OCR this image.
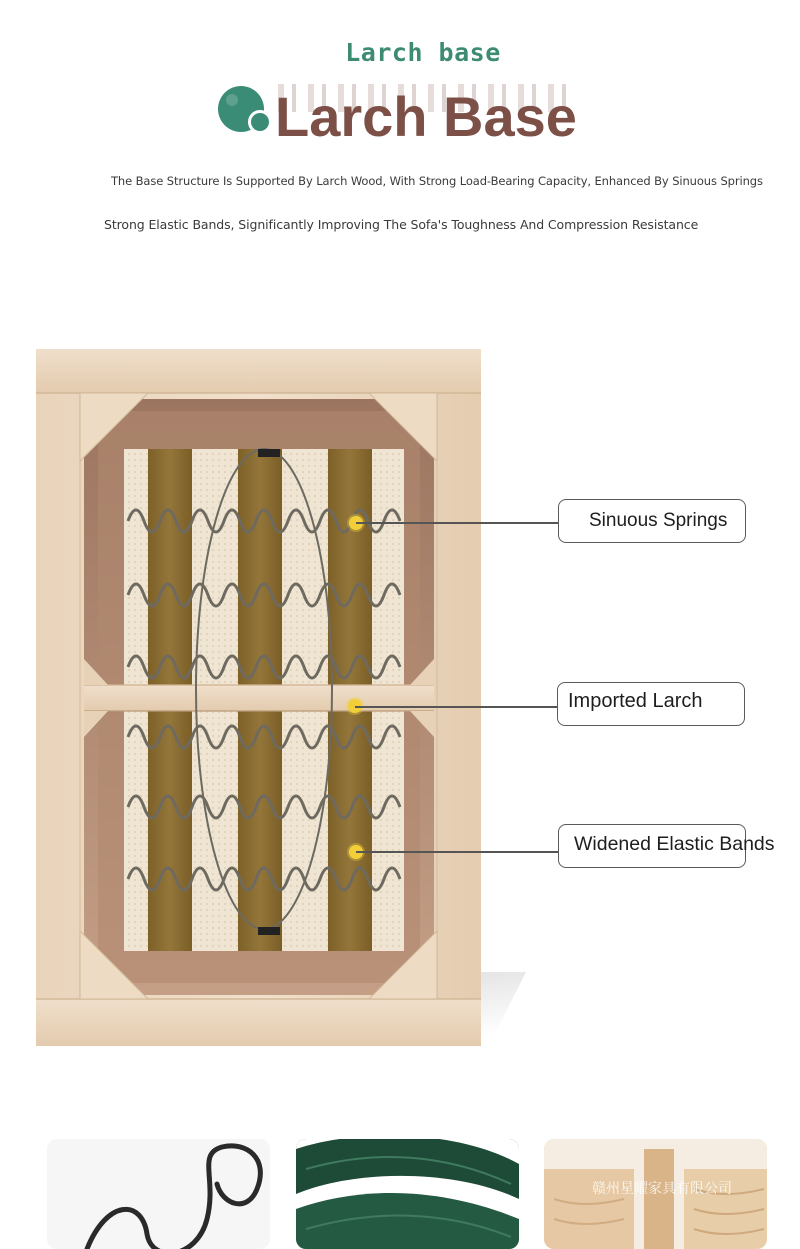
Larch base
Larch Base
The Base Structure Is Supported By Larch Wood, With Strong Load-Bearing Capacity, Enhanced By Sinuous Springs
Strong Elastic Bands, Significantly Improving The Sofa's Toughness And Compression Resistance
Sinuous Springs
Imported Larch
Widened Elastic Bands
赣州星曜家具有限公司
